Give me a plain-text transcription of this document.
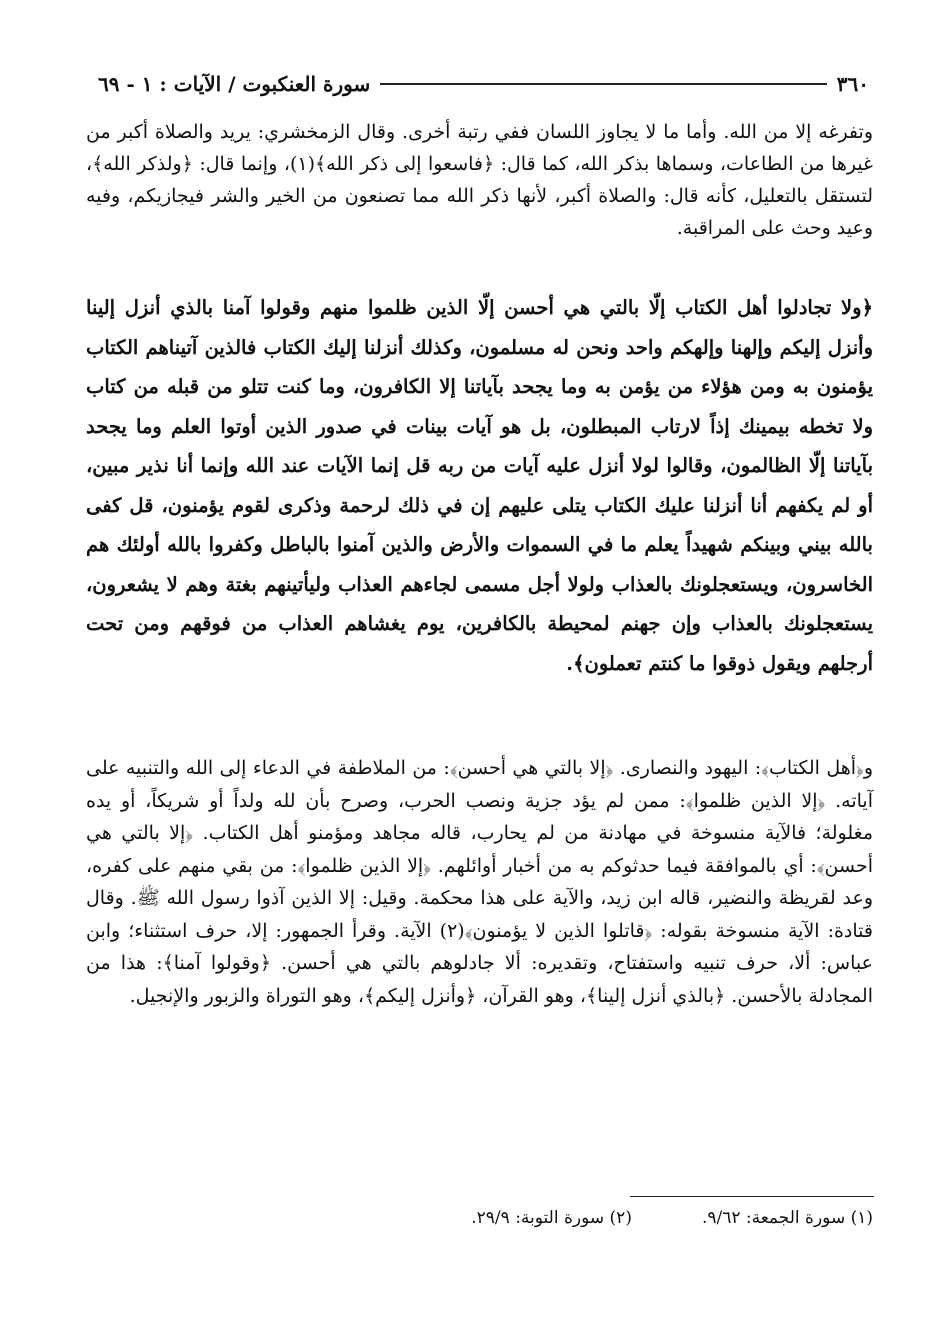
٣٦٠
سورة العنكبوت / الآيات : ١ - ٦٩

وتفرغه إلا من الله. وأما ما لا يجاوز اللسان ففي رتبة أخرى. وقال الزمخشري: يريد والصلاة أكبر من غيرها من الطاعات، وسماها بذكر الله، كما قال: ﴿فاسعوا إلى ذكر الله﴾(١)، وإنما قال: ﴿ولذكر الله﴾، لتستقل بالتعليل، كأنه قال: والصلاة أكبر، لأنها ذكر الله مما تصنعون من الخير والشر فيجازيكم، وفيه وعيد وحث على المراقبة.

﴿ولا تجادلوا أهل الكتاب إلّا بالتي هي أحسن إلّا الذين ظلموا منهم وقولوا آمنا بالذي أنزل إلينا وأنزل إليكم وإلهنا وإلهكم واحد ونحن له مسلمون، وكذلك أنزلنا إليك الكتاب فالذين آتيناهم الكتاب يؤمنون به ومن هؤلاء من يؤمن به وما يجحد بآياتنا إلا الكافرون، وما كنت تتلو من قبله من كتاب ولا تخطه بيمينك إذاً لارتاب المبطلون، بل هو آيات بينات في صدور الذين أوتوا العلم وما يجحد بآياتنا إلّا الظالمون، وقالوا لولا أنزل عليه آيات من ربه قل إنما الآيات عند الله وإنما أنا نذير مبين، أو لم يكفهم أنا أنزلنا عليك الكتاب يتلى عليهم إن في ذلك لرحمة وذكرى لقوم يؤمنون، قل كفى بالله بيني وبينكم شهيداً يعلم ما في السموات والأرض والذين آمنوا بالباطل وكفروا بالله أولئك هم الخاسرون، ويستعجلونك بالعذاب ولولا أجل مسمى لجاءهم العذاب وليأتينهم بغتة وهم لا يشعرون، يستعجلونك بالعذاب وإن جهنم لمحيطة بالكافرين، يوم يغشاهم العذاب من فوقهم ومن تحت أرجلهم ويقول ذوقوا ما كنتم تعملون﴾.

و﴿أهل الكتاب﴾: اليهود والنصارى. ﴿إلا بالتي هي أحسن﴾: من الملاطفة في الدعاء إلى الله والتنبيه على آياته. ﴿إلا الذين ظلموا﴾: ممن لم يؤد جزية ونصب الحرب، وصرح بأن لله ولداً أو شريكاً، أو يده مغلولة؛ فالآية منسوخة في مهادنة من لم يحارب، قاله مجاهد ومؤمنو أهل الكتاب. ﴿إلا بالتي هي أحسن﴾: أي بالموافقة فيما حدثوكم به من أخبار أوائلهم. ﴿إلا الذين ظلموا﴾: من بقي منهم على كفره، وعد لقريظة والنضير، قاله ابن زيد، والآية على هذا محكمة. وقيل: إلا الذين آذوا رسول الله ﷺ. وقال قتادة: الآية منسوخة بقوله: ﴿قاتلوا الذين لا يؤمنون﴾(٢) الآية. وقرأ الجمهور: إلا، حرف استثناء؛ وابن عباس: ألا، حرف تنبيه واستفتاح، وتقديره: ألا جادلوهم بالتي هي أحسن. ﴿وقولوا آمنا﴾: هذا من المجادلة بالأحسن. ﴿بالذي أنزل إلينا﴾، وهو القرآن، ﴿وأنزل إليكم﴾، وهو التوراة والزبور والإنجيل.

(١) سورة الجمعة: ٩/٦٢.
(٢) سورة التوبة: ٢٩/٩.
